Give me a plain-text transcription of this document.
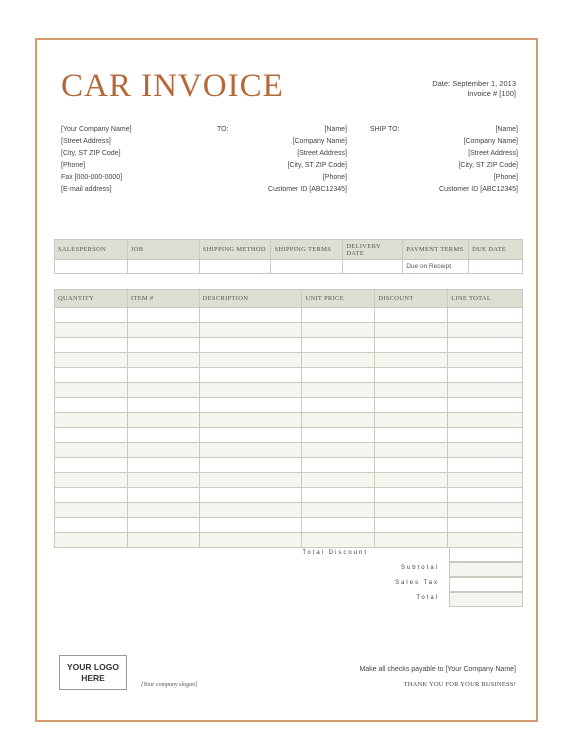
CAR INVOICE	Date: September 1, 2013
Invoice # [100]
[Your Company Name]
[Street Address]
[City, ST ZIP Code]
[Phone]
Fax [000-000-0000]
[E-mail address]
TO:	[Name]
[Company Name]
[Street Address]
[City, ST ZIP Code]
[Phone]
Customer ID [ABC12345]
SHIP TO:	[Name]
[Company Name]
[Street Address]
[City, ST ZIP Code]
[Phone]
Customer ID [ABC12345]
SALESPERSON	JOB	SHIPPING METHOD	SHIPPING TERMS	DELIVERY DATE	PAYMENT TERMS	DUE DATE
					Due on Receipt	
QUANTITY	ITEM #	DESCRIPTION	UNIT PRICE	DISCOUNT	LINE TOTAL

Total Discount
Subtotal
Sales Tax
Total
YOUR LOGO HERE
[Your company slogan]
Make all checks payable to [Your Company Name]
THANK YOU FOR YOUR BUSINESS!
